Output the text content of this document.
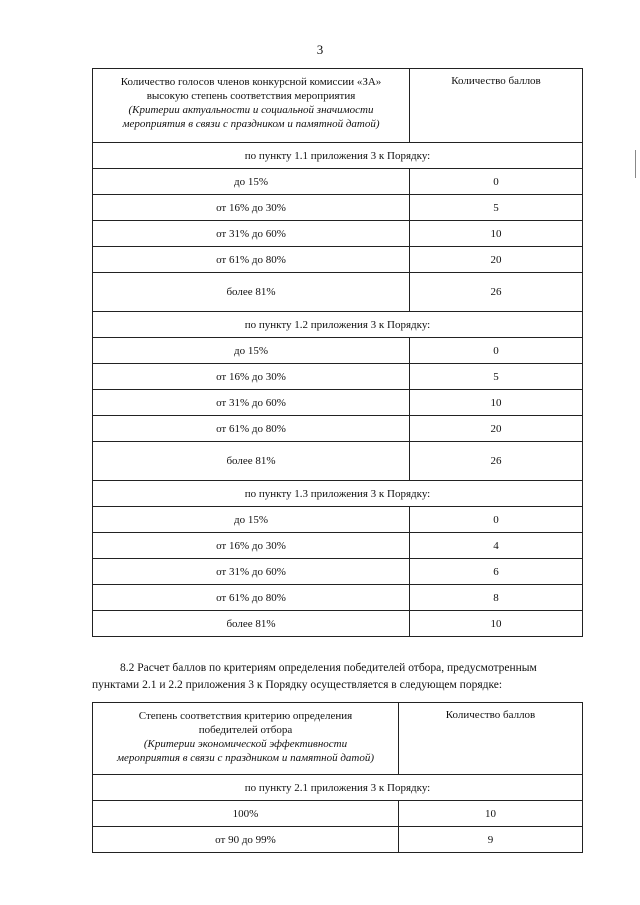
3
Количество голосов членов конкурсной комиссии «ЗА»
высокую степень соответствия мероприятия
(Критерии актуальности и социальной значимости
мероприятия в связи с праздником и памятной датой)	Количество баллов
по пункту 1.1 приложения 3 к Порядку:	
до 15%	0
от 16% до 30%	5
от 31% до 60%	10
от 61% до 80%	20
более 81%	26
по пункту 1.2 приложения 3 к Порядку:	
до 15%	0
от 16% до 30%	5
от 31% до 60%	10
от 61% до 80%	20
более 81%	26
по пункту 1.3 приложения 3 к Порядку:	
до 15%	0
от 16% до 30%	4
от 31% до 60%	6
от 61% до 80%	8
более 81%	10
8.2 Расчет баллов по критериям определения победителей отбора, предусмотренным
пунктами 2.1 и 2.2 приложения 3 к Порядку осуществляется в следующем порядке:
Степень соответствия критерию определения
победителей отбора
(Критерии экономической эффективности
мероприятия в связи с праздником и памятной датой)	Количество баллов
по пункту 2.1 приложения 3 к Порядку:	
100%	10
от 90 до 99%	9
